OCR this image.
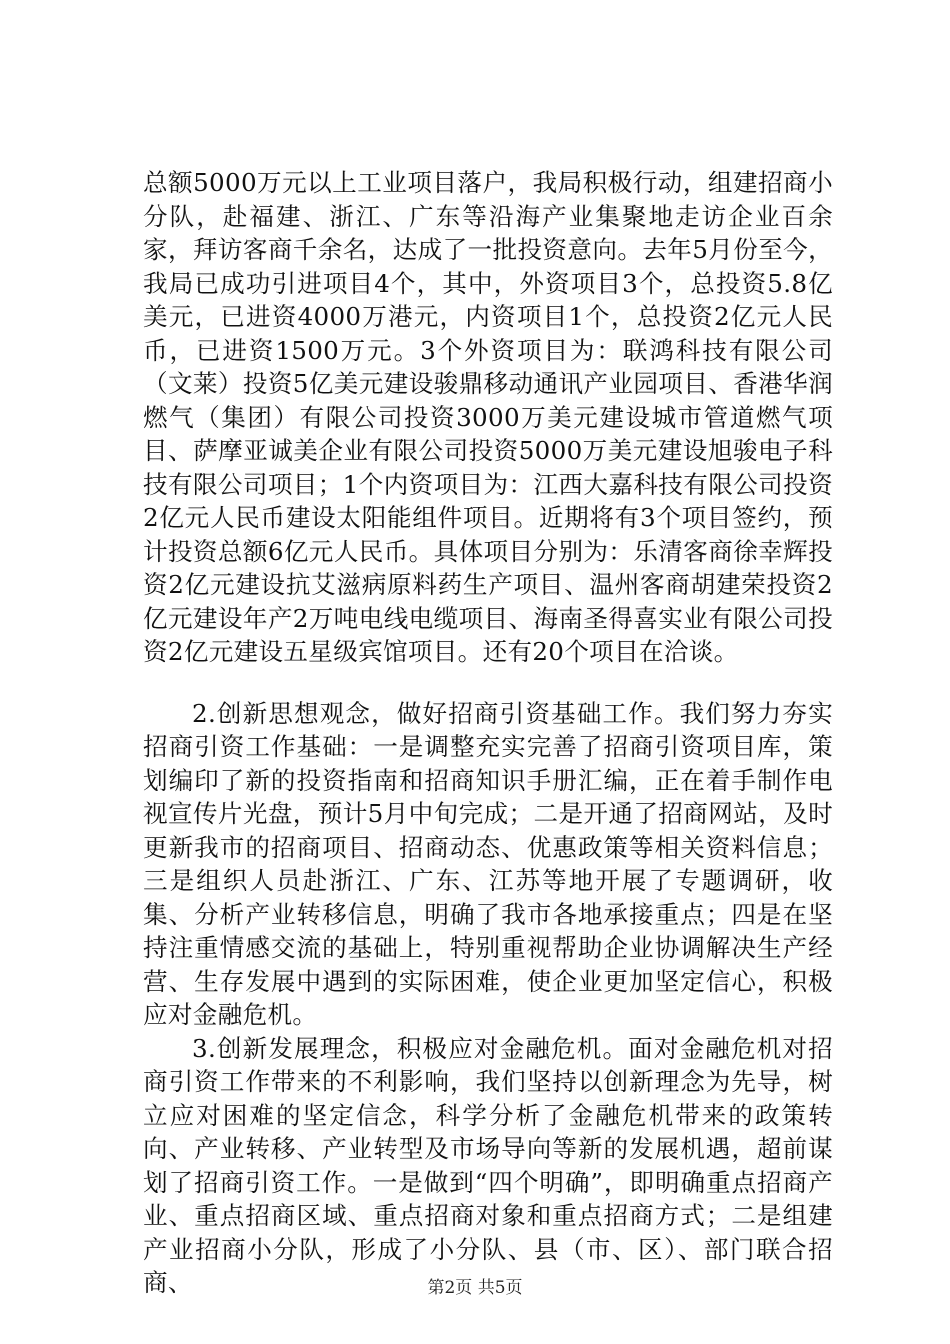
总额5000万元以上工业项目落户，我局积极行动，组建招商小分队，赴福建、浙江、广东等沿海产业集聚地走访企业百余家，拜访客商千余名，达成了一批投资意向。去年5月份至今，我局已成功引进项目4个，其中，外资项目3个，总投资5.8亿美元，已进资4000万港元，内资项目1个，总投资2亿元人民币，已进资1500万元。3个外资项目为：联鸿科技有限公司（文莱）投资5亿美元建设骏鼎移动通讯产业园项目、香港华润燃气（集团）有限公司投资3000万美元建设城市管道燃气项目、萨摩亚诚美企业有限公司投资5000万美元建设旭骏电子科技有限公司项目；1个内资项目为：江西大嘉科技有限公司投资2亿元人民币建设太阳能组件项目。近期将有3个项目签约，预计投资总额6亿元人民币。具体项目分别为：乐清客商徐幸辉投资2亿元建设抗艾滋病原料药生产项目、温州客商胡建荣投资2亿元建设年产2万吨电线电缆项目、海南圣得喜实业有限公司投资2亿元建设五星级宾馆项目。还有20个项目在洽谈。

2.创新思想观念，做好招商引资基础工作。我们努力夯实招商引资工作基础：一是调整充实完善了招商引资项目库，策划编印了新的投资指南和招商知识手册汇编，正在着手制作电视宣传片光盘，预计5月中旬完成；二是开通了招商网站，及时更新我市的招商项目、招商动态、优惠政策等相关资料信息；三是组织人员赴浙江、广东、江苏等地开展了专题调研，收集、分析产业转移信息，明确了我市各地承接重点；四是在坚持注重情感交流的基础上，特别重视帮助企业协调解决生产经营、生存发展中遇到的实际困难，使企业更加坚定信心，积极应对金融危机。

3.创新发展理念，积极应对金融危机。面对金融危机对招商引资工作带来的不利影响，我们坚持以创新理念为先导，树立应对困难的坚定信念，科学分析了金融危机带来的政策转向、产业转移、产业转型及市场导向等新的发展机遇，超前谋划了招商引资工作。一是做到“四个明确”，即明确重点招商产业、重点招商区域、重点招商对象和重点招商方式；二是组建产业招商小分队，形成了小分队、县（市、区）、部门联合招商、	第2页 共5页
